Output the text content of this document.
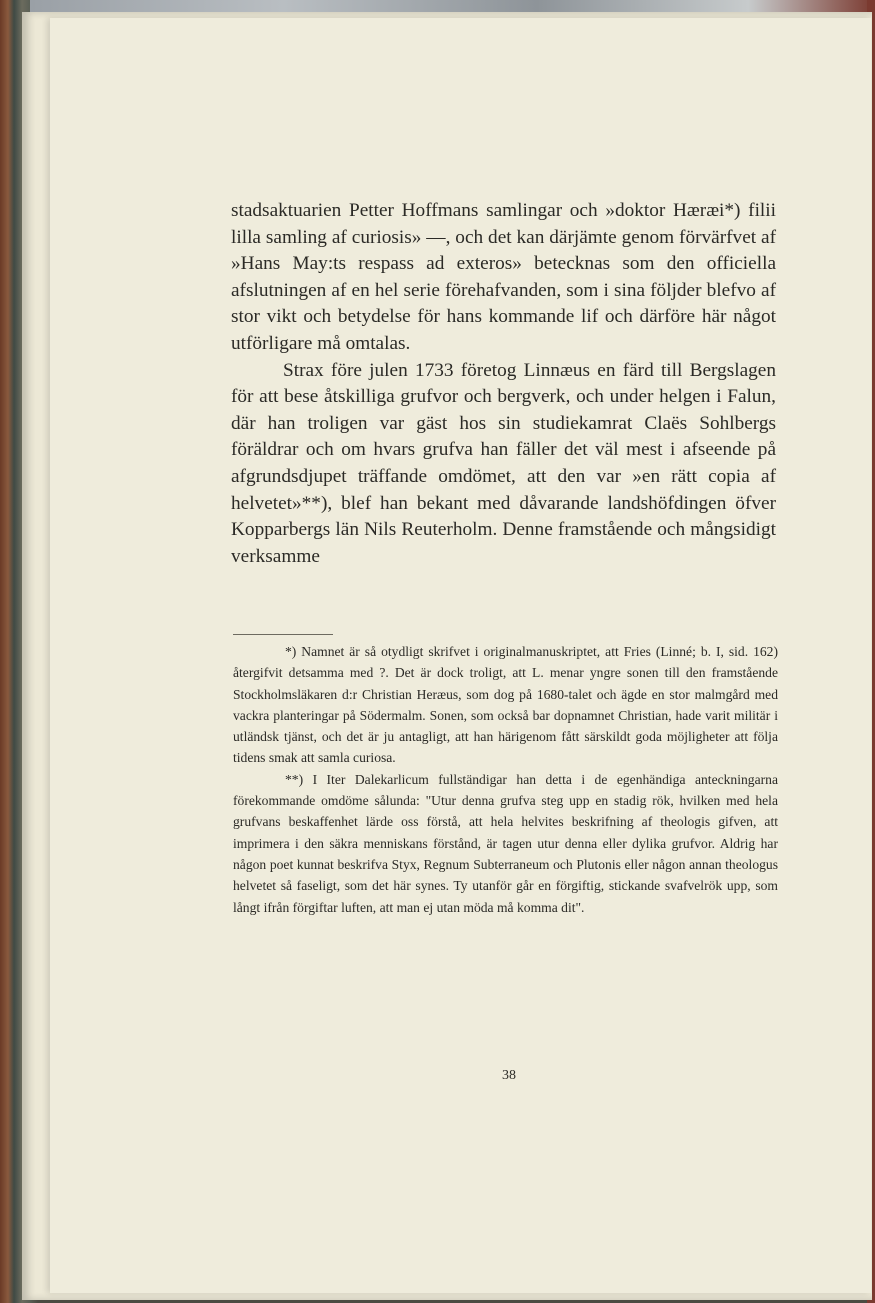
stadsaktuarien Petter Hoffmans samlingar och »doktor Hæræi*) filii lilla samling af curiosis» —, och det kan därjämte genom förvärfvet af »Hans May:ts respass ad exteros» betecknas som den officiella afslutningen af en hel serie förehafvanden, som i sina följder blefvo af stor vikt och betydelse för hans kommande lif och därföre här något utförligare må omtalas.

Strax före julen 1733 företog Linnæus en färd till Bergslagen för att bese åtskilliga grufvor och bergverk, och under helgen i Falun, där han troligen var gäst hos sin studiekamrat Claës Sohlbergs föräldrar och om hvars grufva han fäller det väl mest i afseende på afgrundsdjupet träffande omdömet, att den var »en rätt copia af helvetet»**), blef han bekant med dåvarande landshöfdingen öfver Kopparbergs län Nils Reuterholm. Denne framstående och mångsidigt verksamme

*) Namnet är så otydligt skrifvet i originalmanuskriptet, att Fries (Linné; b. I, sid. 162) återgifvit detsamma med ?. Det är dock troligt, att L. menar yngre sonen till den framstående Stockholmsläkaren d:r Christian Heræus, som dog på 1680-talet och ägde en stor malmgård med vackra planteringar på Södermalm. Sonen, som också bar dopnamnet Christian, hade varit militär i utländsk tjänst, och det är ju antagligt, att han härigenom fått särskildt goda möjligheter att följa tidens smak att samla curiosa.

**) I Iter Dalekarlicum fullständigar han detta i de egenhändiga anteckningarna förekommande omdöme sålunda: "Utur denna grufva steg upp en stadig rök, hvilken med hela grufvans beskaffenhet lärde oss förstå, att hela helvites beskrifning af theologis gifven, att imprimera i den säkra menniskans förstånd, är tagen utur denna eller dylika grufvor. Aldrig har någon poet kunnat beskrifva Styx, Regnum Subterraneum och Plutonis eller någon annan theologus helvetet så faseligt, som det här synes. Ty utanför går en förgiftig, stickande svafvelrök upp, som långt ifrån förgiftar luften, att man ej utan möda må komma dit".

38
